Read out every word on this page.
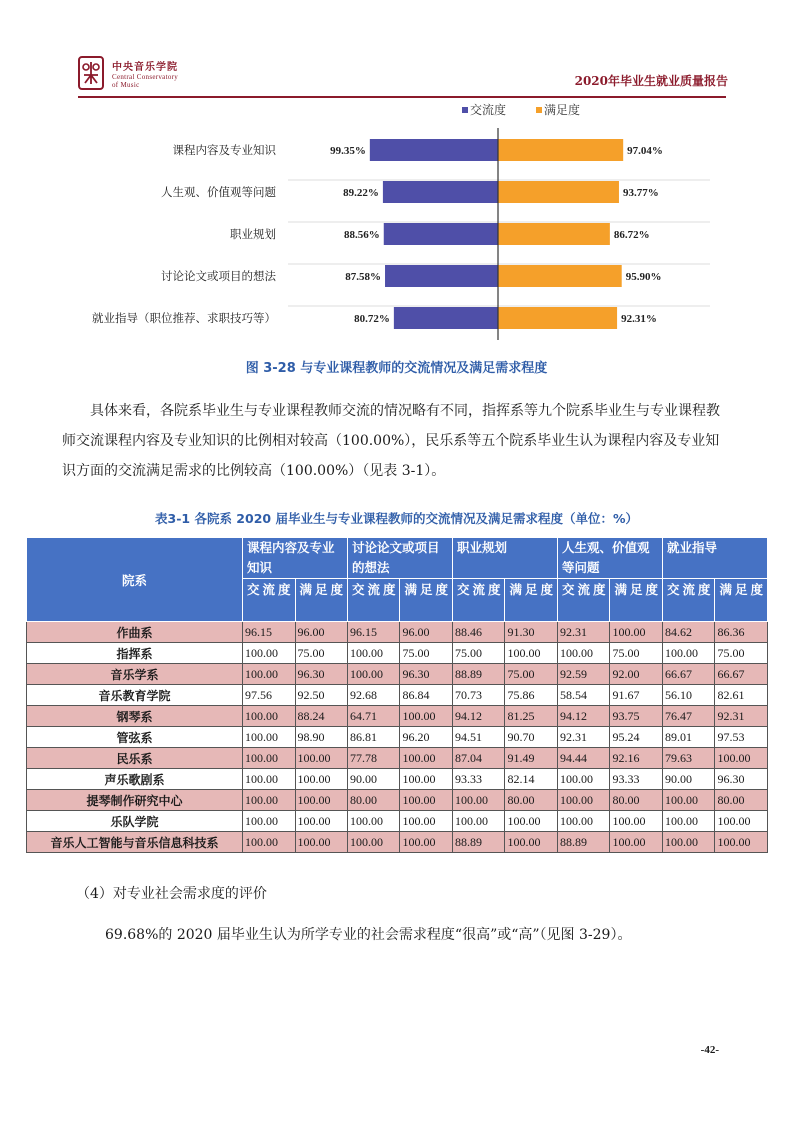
中央音乐学院
Central Conservatory
of Music	2020年毕业生就业质量报告
交流度	满足度
课程内容及专业知识	99.35%	97.04%
人生观、价值观等问题	89.22%	93.77%
职业规划	88.56%	86.72%
讨论论文或项目的想法	87.58%	95.90%
就业指导（职位推荐、求职技巧等）	80.72%	92.31%
图 3-28 与专业课程教师的交流情况及满足需求程度
具体来看，各院系毕业生与专业课程教师交流的情况略有不同，指挥系等九个院系毕业生与专业课程教师交流课程内容及专业知识的比例相对较高（100.00%），民乐系等五个院系毕业生认为课程内容及专业知识方面的交流满足需求的比例较高（100.00%）（见表 3-1）。
表3-1 各院系 2020 届毕业生与专业课程教师的交流情况及满足需求程度（单位：%）
院系	课程内容及专业知识		讨论论文或项目的想法		职业规划		人生观、价值观等问题		就业指导	
	交流度	满足度	交流度	满足度	交流度	满足度	交流度	满足度	交流度	满足度
作曲系	96.15	96.00	96.15	96.00	88.46	91.30	92.31	100.00	84.62	86.36
指挥系	100.00	75.00	100.00	75.00	75.00	100.00	100.00	75.00	100.00	75.00
音乐学系	100.00	96.30	100.00	96.30	88.89	75.00	92.59	92.00	66.67	66.67
音乐教育学院	97.56	92.50	92.68	86.84	70.73	75.86	58.54	91.67	56.10	82.61
钢琴系	100.00	88.24	64.71	100.00	94.12	81.25	94.12	93.75	76.47	92.31
管弦系	100.00	98.90	86.81	96.20	94.51	90.70	92.31	95.24	89.01	97.53
民乐系	100.00	100.00	77.78	100.00	87.04	91.49	94.44	92.16	79.63	100.00
声乐歌剧系	100.00	100.00	90.00	100.00	93.33	82.14	100.00	93.33	90.00	96.30
提琴制作研究中心	100.00	100.00	80.00	100.00	100.00	80.00	100.00	80.00	100.00	80.00
乐队学院	100.00	100.00	100.00	100.00	100.00	100.00	100.00	100.00	100.00	100.00
音乐人工智能与音乐信息科技系	100.00	100.00	100.00	100.00	88.89	100.00	88.89	100.00	100.00	100.00
（4）对专业社会需求度的评价
69.68%的 2020 届毕业生认为所学专业的社会需求程度“很高”或“高”（见图 3-29）。
-42-
